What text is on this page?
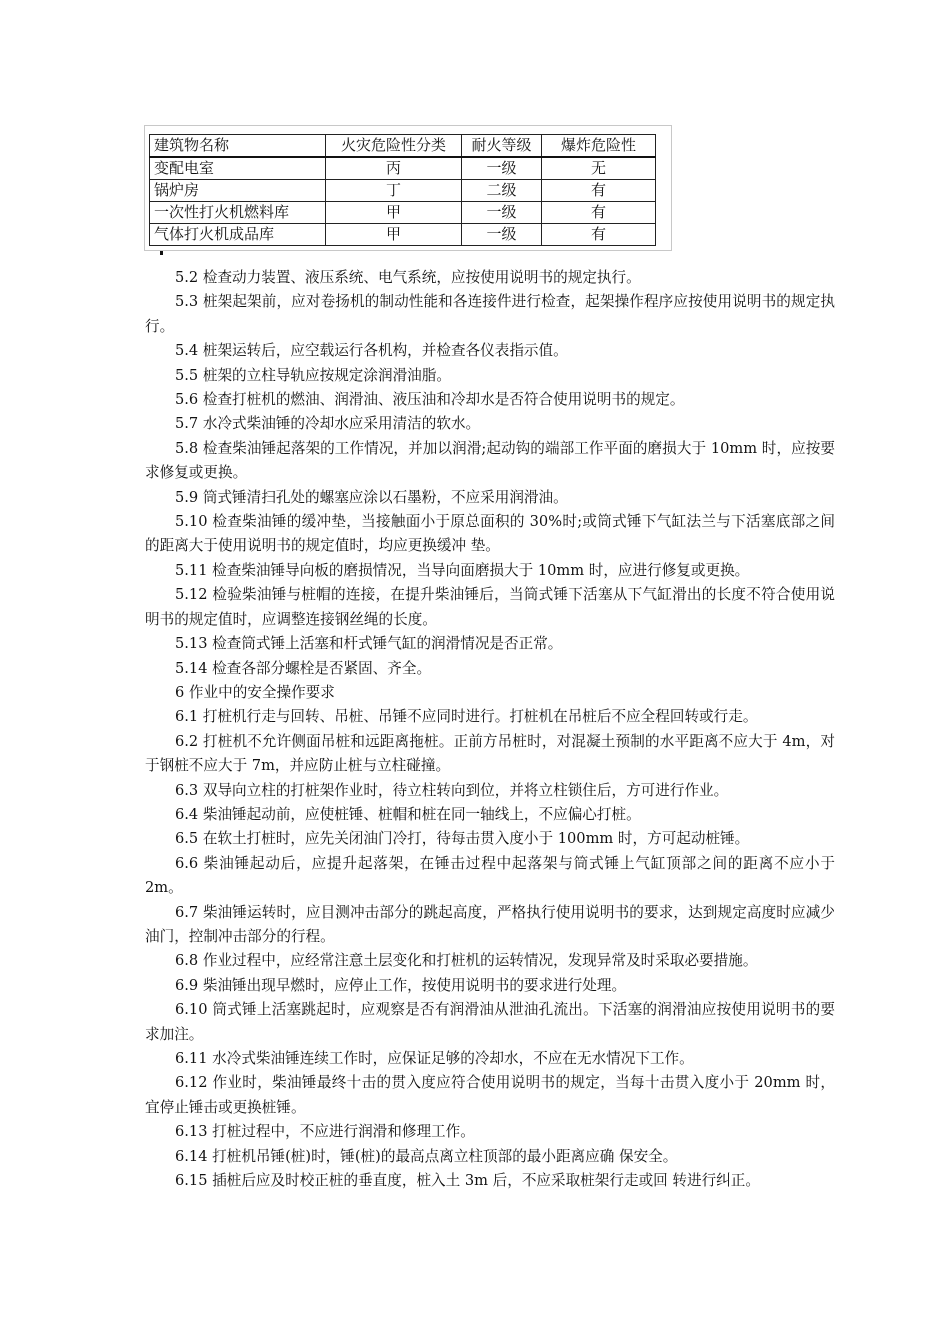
建筑物名称	火灾危险性分类	耐火等级	爆炸危险性
变配电室	丙	一级	无
锅炉房	丁	二级	有
一次性打火机燃料库	甲	一级	有
气体打火机成品库	甲	一级	有

5.2 检查动力装置、液压系统、电气系统，应按使用说明书的规定执行。

5.3 桩架起架前，应对卷扬机的制动性能和各连接件进行检查，起架操作程序应按使用说明书的规定执行。

5.4 桩架运转后，应空载运行各机构，并检查各仪表指示值。

5.5 桩架的立柱导轨应按规定涂润滑油脂。

5.6 检查打桩机的燃油、润滑油、液压油和冷却水是否符合使用说明书的规定。

5.7 水冷式柴油锤的冷却水应采用清洁的软水。

5.8 检查柴油锤起落架的工作情况，并加以润滑;起动钩的端部工作平面的磨损大于 10mm 时，应按要求修复或更换。

5.9 筒式锤清扫孔处的螺塞应涂以石墨粉，不应采用润滑油。

5.10 检查柴油锤的缓冲垫，当接触面小于原总面积的 30%时;或筒式锤下气缸法兰与下活塞底部之间的距离大于使用说明书的规定值时，均应更换缓冲 垫。

5.11 检查柴油锤导向板的磨损情况，当导向面磨损大于 10mm 时，应进行修复或更换。

5.12 检验柴油锤与桩帽的连接，在提升柴油锤后，当筒式锤下活塞从下气缸滑出的长度不符合使用说明书的规定值时，应调整连接钢丝绳的长度。

5.13 检查筒式锤上活塞和杆式锤气缸的润滑情况是否正常。

5.14 检查各部分螺栓是否紧固、齐全。

6 作业中的安全操作要求

6.1 打桩机行走与回转、吊桩、吊锤不应同时进行。打桩机在吊桩后不应全程回转或行走。

6.2 打桩机不允许侧面吊桩和远距离拖桩。正前方吊桩时，对混凝土预制的水平距离不应大于 4m，对于钢桩不应大于 7m，并应防止桩与立柱碰撞。

6.3 双导向立柱的打桩架作业时，待立柱转向到位，并将立柱锁住后，方可进行作业。

6.4 柴油锤起动前，应使桩锤、桩帽和桩在同一轴线上，不应偏心打桩。

6.5 在软土打桩时，应先关闭油门冷打，待每击贯入度小于 100mm 时，方可起动桩锤。

6.6 柴油锤起动后，应提升起落架，在锤击过程中起落架与筒式锤上气缸顶部之间的距离不应小于 2m。

6.7 柴油锤运转时，应目测冲击部分的跳起高度，严格执行使用说明书的要求，达到规定高度时应减少油门，控制冲击部分的行程。

6.8 作业过程中，应经常注意土层变化和打桩机的运转情况，发现异常及时采取必要措施。

6.9 柴油锤出现早燃时，应停止工作，按使用说明书的要求进行处理。

6.10 筒式锤上活塞跳起时，应观察是否有润滑油从泄油孔流出。下活塞的润滑油应按使用说明书的要求加注。

6.11 水冷式柴油锤连续工作时，应保证足够的冷却水，不应在无水情况下工作。

6.12 作业时，柴油锤最终十击的贯入度应符合使用说明书的规定，当每十击贯入度小于 20mm 时，宜停止锤击或更换桩锤。

6.13 打桩过程中，不应进行润滑和修理工作。

6.14 打桩机吊锤(桩)时，锤(桩)的最高点离立柱顶部的最小距离应确 保安全。

6.15 插桩后应及时校正桩的垂直度，桩入土 3m 后，不应采取桩架行走或回 转进行纠正。
